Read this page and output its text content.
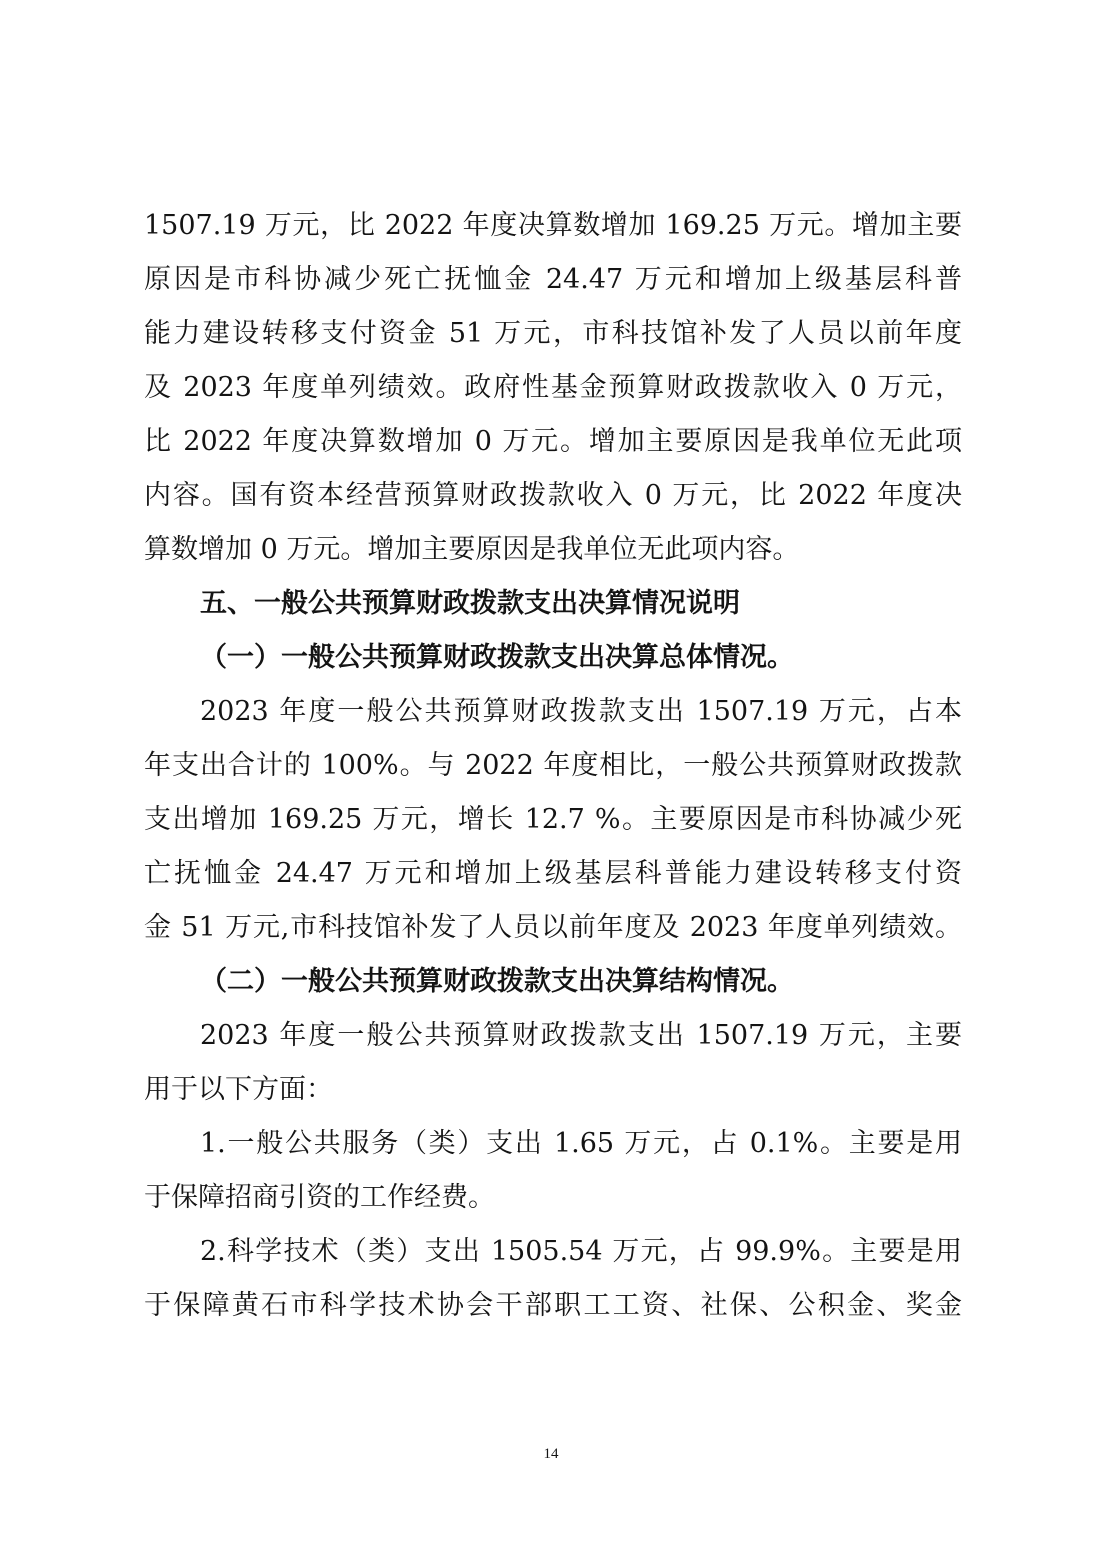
1507.19 万元，比 2022 年度决算数增加 169.25 万元。增加主要
原因是市科协减少死亡抚恤金 24.47 万元和增加上级基层科普
能力建设转移支付资金 51 万元，市科技馆补发了人员以前年度
及 2023 年度单列绩效。政府性基金预算财政拨款收入 0 万元，
比 2022 年度决算数增加 0 万元。增加主要原因是我单位无此项
内容。国有资本经营预算财政拨款收入 0 万元，比 2022 年度决
算数增加 0 万元。增加主要原因是我单位无此项内容。
五、一般公共预算财政拨款支出决算情况说明
（一）一般公共预算财政拨款支出决算总体情况。
2023 年度一般公共预算财政拨款支出 1507.19 万元，占本
年支出合计的 100%。与 2022 年度相比，一般公共预算财政拨款
支出增加 169.25 万元，增长 12.7 %。主要原因是市科协减少死
亡抚恤金 24.47 万元和增加上级基层科普能力建设转移支付资
金 51 万元,市科技馆补发了人员以前年度及 2023 年度单列绩效。
（二）一般公共预算财政拨款支出决算结构情况。
2023 年度一般公共预算财政拨款支出 1507.19 万元，主要
用于以下方面：
1.一般公共服务（类）支出 1.65 万元，占 0.1%。主要是用
于保障招商引资的工作经费。
2.科学技术（类）支出 1505.54 万元，占 99.9%。主要是用
于保障黄石市科学技术协会干部职工工资、社保、公积金、奖金
14
